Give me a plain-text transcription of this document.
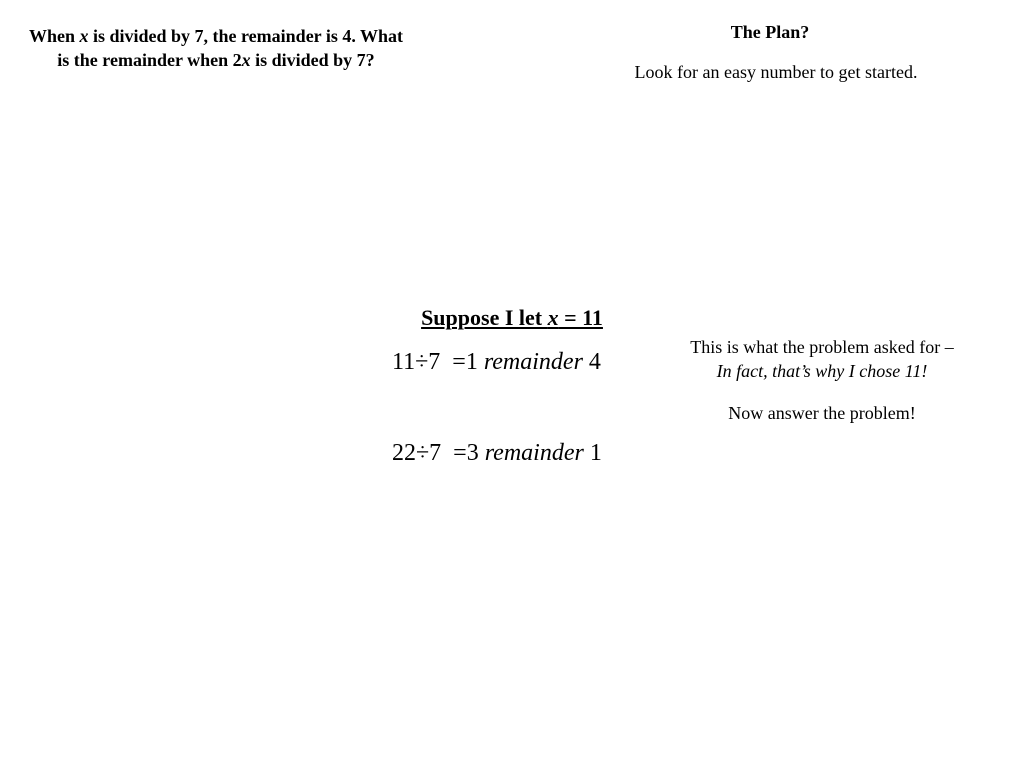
When x is divided by 7, the remainder is 4. What is the remainder when 2x is divided by 7?
The Plan?
Look for an easy number to get started.
Suppose I let x = 11
11÷7 =1 remainder 4
22÷7 =3 remainder 1
This is what the problem asked for –
In fact, that’s why I chose 11!
Now answer the problem!
